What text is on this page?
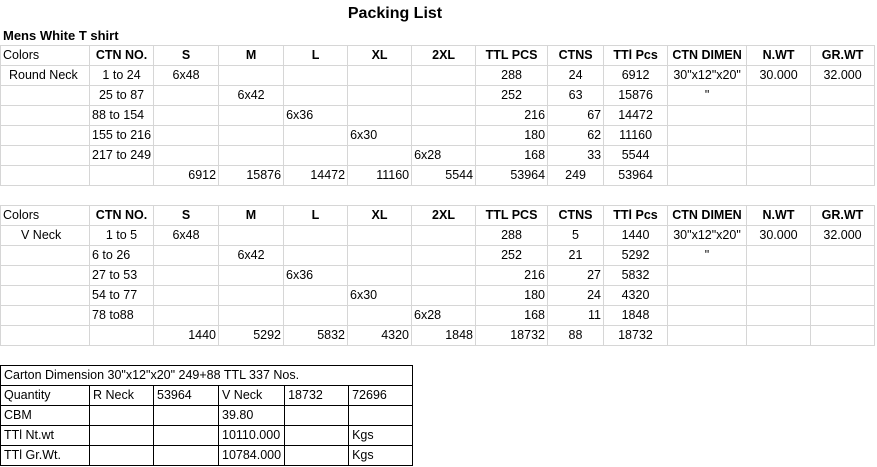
Packing List
Mens White T shirt
Colors	CTN NO.	S	M	L	XL	2XL	TTL PCS	CTNS	TTl Pcs	CTN DIMEN	N.WT	GR.WT
Round Neck	1 to 24	6x48					288	24	6912	30"x12"x20"	30.000	32.000
	25 to 87		6x42				252	63	15876	"		
	88 to 154			6x36			216	67	14472			
	155 to 216				6x30		180	62	11160			
	217 to 249					6x28	168	33	5544			
		6912	15876	14472	11160	5544	53964	249	53964			
Colors	CTN NO.	S	M	L	XL	2XL	TTL PCS	CTNS	TTl Pcs	CTN DIMEN	N.WT	GR.WT
V Neck	1 to 5	6x48					288	5	1440	30"x12"x20"	30.000	32.000
	6 to 26		6x42				252	21	5292	"		
	27 to 53			6x36			216	27	5832			
	54 to 77				6x30		180	24	4320			
	78 to88					6x28	168	11	1848			
		1440	5292	5832	4320	1848	18732	88	18732			
Carton Dimension 30"x12"x20" 249+88 TTL 337 Nos.					
Quantity	R Neck	53964	V Neck	18732	72696
CBM			39.80		
TTl Nt.wt			10110.000		Kgs
TTl Gr.Wt.			10784.000		Kgs
